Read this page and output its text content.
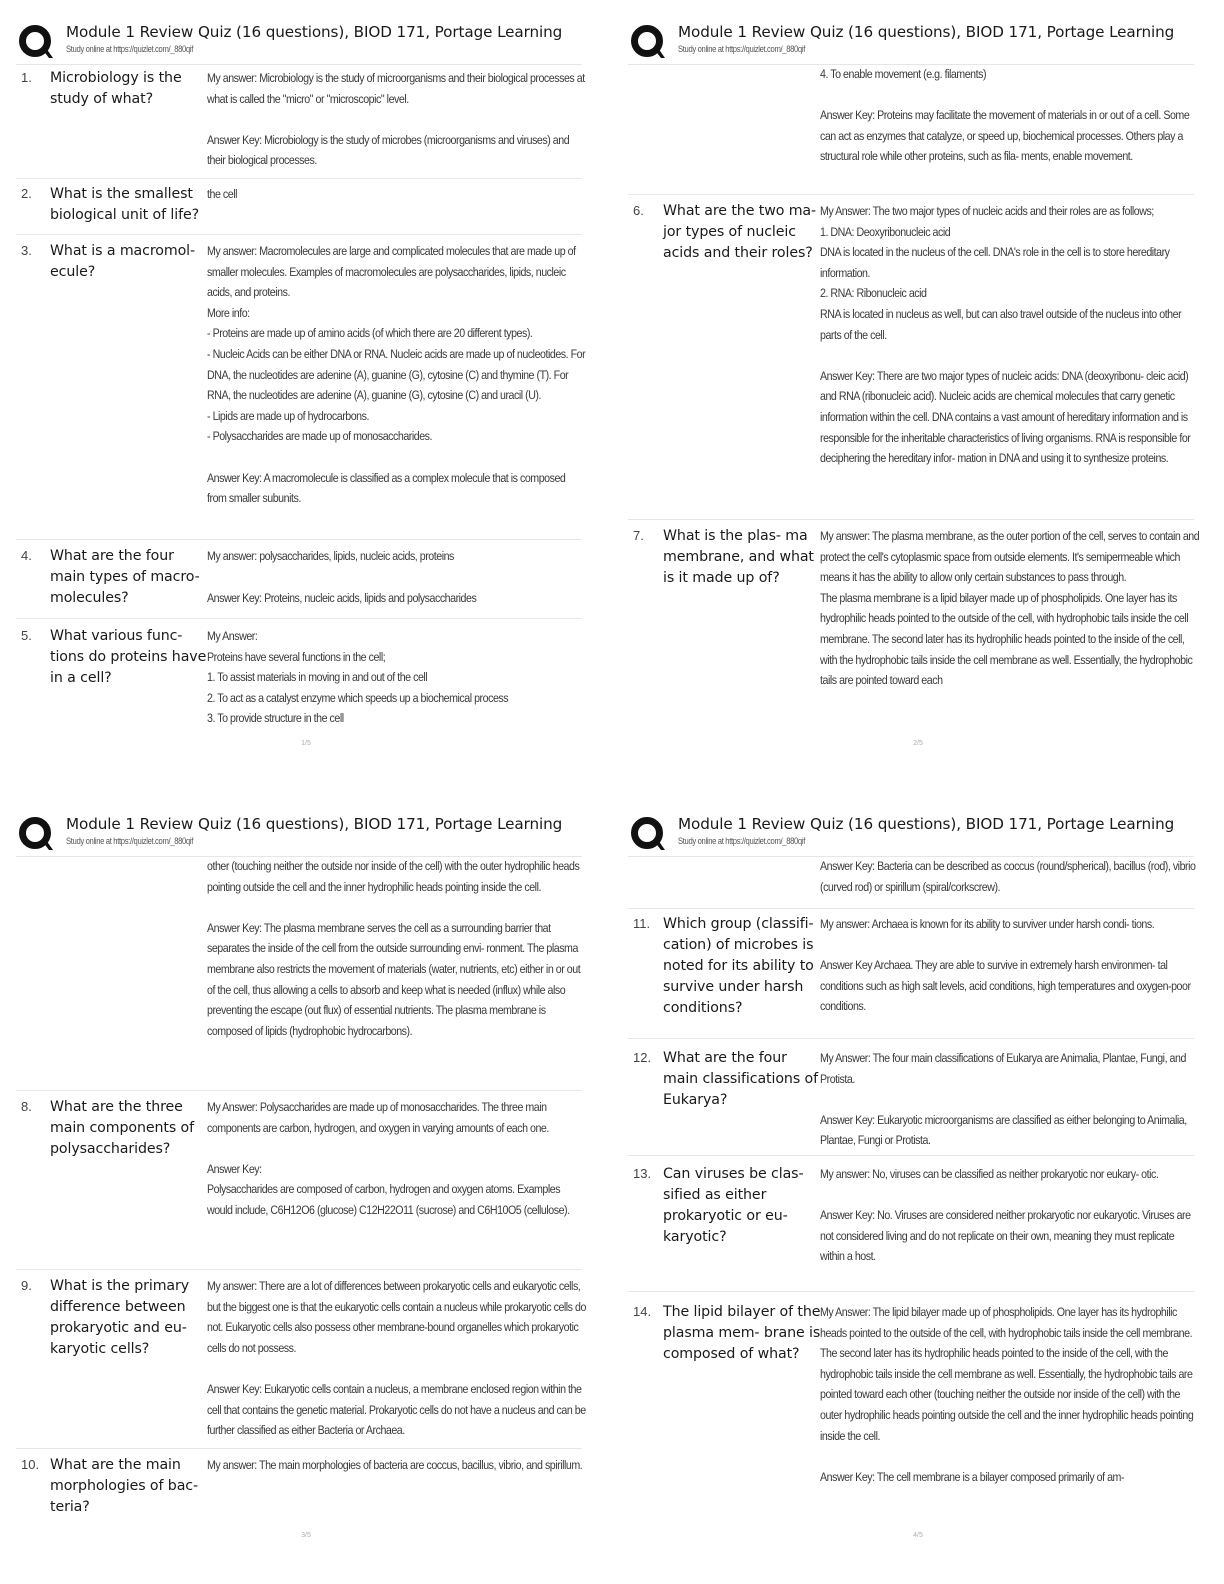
Module 1 Review Quiz (16 questions), BIOD 171, Portage Learning
Study online at https://quizlet.com/_880qif
1. Microbiology is the study of what?

My answer: Microbiology is the study of microorganisms and their biological processes at what is called the "micro" or "microscopic" level.

Answer Key: Microbiology is the study of microbes (microorganisms and viruses) and their biological processes.

2. What is the smallest biological unit of life?

the cell

3. What is a macromol- ecule?

My answer: Macromolecules are large and complicated molecules that are made up of smaller molecules. Examples of macromolecules are polysaccharides, lipids, nucleic acids, and proteins.

More info:

- Proteins are made up of amino acids (of which there are 20 different types).

- Nucleic Acids can be either DNA or RNA. Nucleic acids are made up of nucleotides. For DNA, the nucleotides are adenine (A), guanine (G), cytosine (C) and thymine (T). For RNA, the nucleotides are adenine (A), guanine (G), cytosine (C) and uracil (U).

- Lipids are made up of hydrocarbons.

- Polysaccharides are made up of monosaccharides.

Answer Key: A macromolecule is classified as a complex molecule that is composed from smaller subunits.

4. What are the four main types of macro- molecules?

My answer: polysaccharides, lipids, nucleic acids, proteins

Answer Key: Proteins, nucleic acids, lipids and polysaccharides

5. What various func- tions do proteins have in a cell?

My Answer:

Proteins have several functions in the cell;

1. To assist materials in moving in and out of the cell

2. To act as a catalyst enzyme which speeds up a biochemical process

3. To provide structure in the cell

1/5
Module 1 Review Quiz (16 questions), BIOD 171, Portage Learning
Study online at https://quizlet.com/_880qif

4. To enable movement (e.g. filaments)

Answer Key: Proteins may facilitate the movement of materials in or out of a cell. Some can act as enzymes that catalyze, or speed up, biochemical processes. Others play a structural role while other proteins, such as fila- ments, enable movement.

6. What are the two ma- jor types of nucleic acids and their roles?

My Answer: The two major types of nucleic acids and their roles are as follows;

1. DNA: Deoxyribonucleic acid

DNA is located in the nucleus of the cell. DNA's role in the cell is to store hereditary information.

2. RNA: Ribonucleic acid

RNA is located in nucleus as well, but can also travel outside of the nucleus into other parts of the cell.

Answer Key: There are two major types of nucleic acids: DNA (deoxyribonu- cleic acid) and RNA (ribonucleic acid). Nucleic acids are chemical molecules that carry genetic information within the cell. DNA contains a vast amount of hereditary information and is responsible for the inheritable characteristics of living organisms. RNA is responsible for deciphering the hereditary infor- mation in DNA and using it to synthesize proteins.

7. What is the plas- ma membrane, and what is it made up of?

My answer: The plasma membrane, as the outer portion of the cell, serves to contain and protect the cell's cytoplasmic space from outside elements. It's semipermeable which means it has the ability to allow only certain substances to pass through.

The plasma membrane is a lipid bilayer made up of phospholipids. One layer has its hydrophilic heads pointed to the outside of the cell, with hydrophobic tails inside the cell membrane. The second later has its hydrophilic heads pointed to the inside of the cell, with the hydrophobic tails inside the cell membrane as well. Essentially, the hydrophobic tails are pointed toward each

2/5
Module 1 Review Quiz (16 questions), BIOD 171, Portage Learning
Study online at https://quizlet.com/_880qif

other (touching neither the outside nor inside of the cell) with the outer hydrophilic heads pointing outside the cell and the inner hydrophilic heads pointing inside the cell.

Answer Key: The plasma membrane serves the cell as a surrounding barrier that separates the inside of the cell from the outside surrounding envi- ronment. The plasma membrane also restricts the movement of materials (water, nutrients, etc) either in or out of the cell, thus allowing a cells to absorb and keep what is needed (influx) while also preventing the escape (out flux) of essential nutrients. The plasma membrane is composed of lipids (hydrophobic hydrocarbons).

8. What are the three main components of polysaccharides?

My Answer: Polysaccharides are made up of monosaccharides. The three main components are carbon, hydrogen, and oxygen in varying amounts of each one.

Answer Key:

Polysaccharides are composed of carbon, hydrogen and oxygen atoms. Examples would include, C6H12O6 (glucose) C12H22O11 (sucrose) and C6H10O5 (cellulose).

9. What is the primary difference between prokaryotic and eu- karyotic cells?

My answer: There are a lot of differences between prokaryotic cells and eukaryotic cells, but the biggest one is that the eukaryotic cells contain a nucleus while prokaryotic cells do not. Eukaryotic cells also possess other membrane-bound organelles which prokaryotic cells do not possess.

Answer Key: Eukaryotic cells contain a nucleus, a membrane enclosed region within the cell that contains the genetic material. Prokaryotic cells do not have a nucleus and can be further classified as either Bacteria or Archaea.

10. What are the main morphologies of bac- teria?

My answer: The main morphologies of bacteria are coccus, bacillus, vibrio, and spirillum.

3/5
Module 1 Review Quiz (16 questions), BIOD 171, Portage Learning
Study online at https://quizlet.com/_880qif

Answer Key: Bacteria can be described as coccus (round/spherical), bacillus (rod), vibrio (curved rod) or spirillum (spiral/corkscrew).

11. Which group (classifi- cation) of microbes is noted for its ability to survive under harsh conditions?

My answer: Archaea is known for its ability to surviver under harsh condi- tions.

Answer Key Archaea. They are able to survive in extremely harsh environmen- tal conditions such as high salt levels, acid conditions, high temperatures and oxygen-poor conditions.

12. What are the four main classifications of Eukarya?

My Answer: The four main classifications of Eukarya are Animalia, Plantae, Fungi, and Protista.

Answer Key: Eukaryotic microorganisms are classified as either belonging to Animalia, Plantae, Fungi or Protista.

13. Can viruses be clas- sified as either prokaryotic or eu- karyotic?

My answer: No, viruses can be classified as neither prokaryotic nor eukary- otic.

Answer Key: No. Viruses are considered neither prokaryotic nor eukaryotic. Viruses are not considered living and do not replicate on their own, meaning they must replicate within a host.

14. The lipid bilayer of the plasma mem- brane is composed of what?

My Answer: The lipid bilayer made up of phospholipids. One layer has its hydrophilic heads pointed to the outside of the cell, with hydrophobic tails inside the cell membrane. The second later has its hydrophilic heads pointed to the inside of the cell, with the hydrophobic tails inside the cell membrane as well. Essentially, the hydrophobic tails are pointed toward each other (touching neither the outside nor inside of the cell) with the outer hydrophilic heads pointing outside the cell and the inner hydrophilic heads pointing inside the cell.

Answer Key: The cell membrane is a bilayer composed primarily of am-

4/5
